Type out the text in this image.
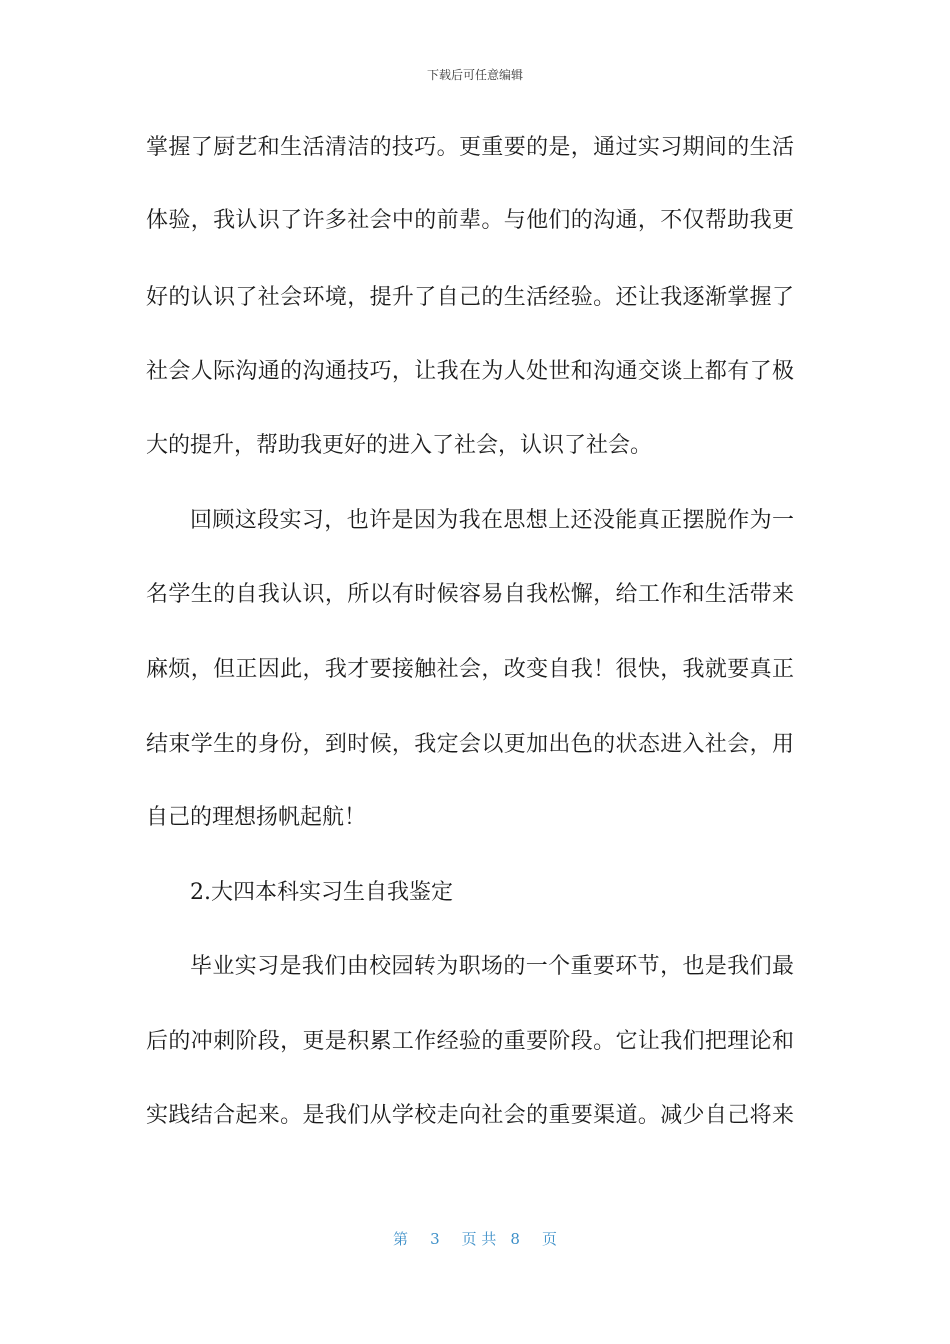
下载后可任意编辑
掌握了厨艺和生活清洁的技巧。更重要的是，通过实习期间的生活
体验，我认识了许多社会中的前辈。与他们的沟通，不仅帮助我更
好的认识了社会环境，提升了自己的生活经验。还让我逐渐掌握了
社会人际沟通的沟通技巧，让我在为人处世和沟通交谈上都有了极
大的提升，帮助我更好的进入了社会，认识了社会。
回顾这段实习，也许是因为我在思想上还没能真正摆脱作为一
名学生的自我认识，所以有时候容易自我松懈，给工作和生活带来
麻烦，但正因此，我才要接触社会，改变自我！很快，我就要真正
结束学生的身份，到时候，我定会以更加出色的状态进入社会，用
自己的理想扬帆起航！
2.大四本科实习生自我鉴定
毕业实习是我们由校园转为职场的一个重要环节，也是我们最
后的冲刺阶段，更是积累工作经验的重要阶段。它让我们把理论和
实践结合起来。是我们从学校走向社会的重要渠道。减少自己将来
第 3 页 共 8 页
